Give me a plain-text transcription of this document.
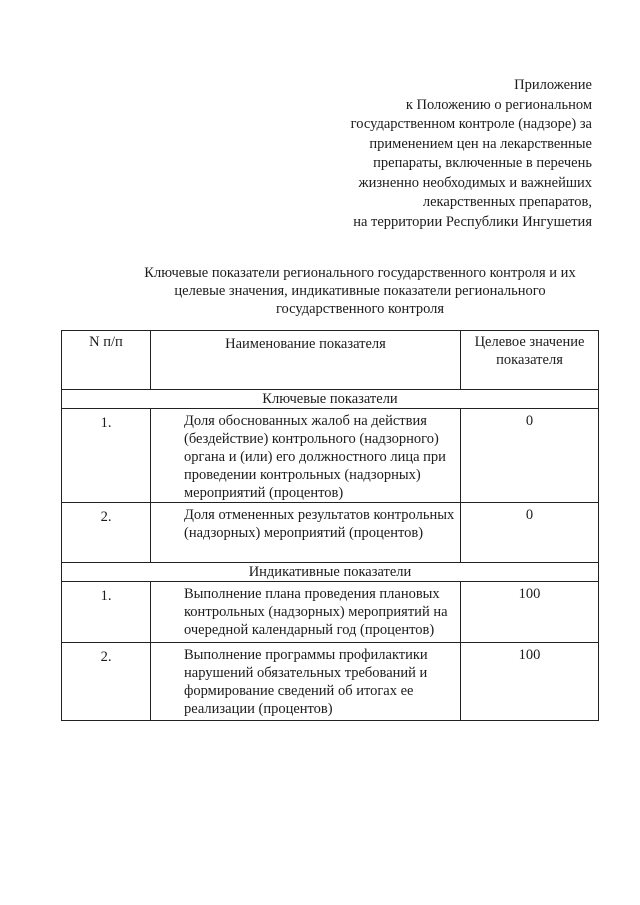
Приложение
к Положению о региональном
государственном контроле (надзоре) за
применением цен на лекарственные
препараты, включенные в перечень
жизненно необходимых и важнейших
лекарственных препаратов,
на территории Республики Ингушетия
Ключевые показатели регионального государственного контроля и их
целевые значения, индикативные показатели регионального
государственного контроля
N п/п	Наименование показателя	Целевое значение показателя
Ключевые показатели		
1.	Доля обоснованных жалоб на действия (бездействие) контрольного (надзорного) органа и (или) его должностного лица при проведении контрольных (надзорных) мероприятий (процентов)	0
2.	Доля отмененных результатов контрольных (надзорных) мероприятий (процентов)	0
Индикативные показатели		
1.	Выполнение плана проведения плановых контрольных (надзорных) мероприятий на очередной календарный год (процентов)	100
2.	Выполнение программы профилактики нарушений обязательных требований и формирование сведений об итогах ее реализации (процентов)	100
